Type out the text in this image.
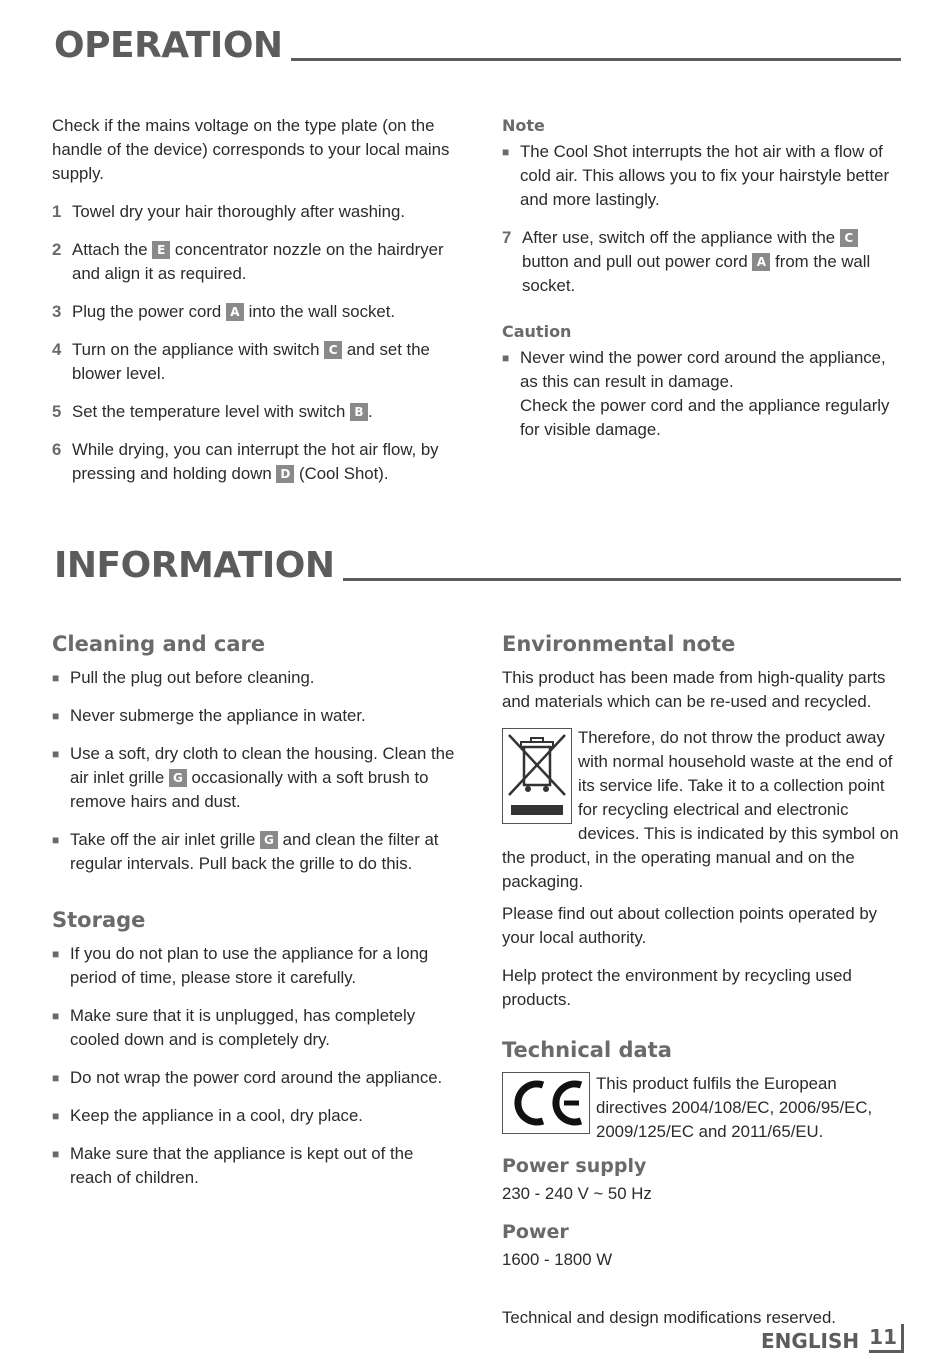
OPERATION

Check if the mains voltage on the type plate (on the handle of the device) corresponds to your local mains supply.

1 Towel dry your hair thoroughly after washing.
2 Attach the E concentrator nozzle on the hairdryer and align it as required.
3 Plug the power cord A into the wall socket.
4 Turn on the appliance with switch C and set the blower level.
5 Set the temperature level with switch B .
6 While drying, you can interrupt the hot air flow, by pressing and holding down D (Cool Shot).
Note
■ The Cool Shot interrupts the hot air with a flow of cold air. This allows you to fix your hairstyle better and more lastingly.
7 After use, switch off the appliance with the C button and pull out power cord A from the wall socket.
Caution
■ Never wind the power cord around the appliance, as this can result in damage.

Check the power cord and the appliance regularly for visible damage.

INFORMATION
Cleaning and care
■ Pull the plug out before cleaning.
■ Never submerge the appliance in water.
■ Use a soft, dry cloth to clean the housing. Clean the air inlet grille G occasionally with a soft brush to remove hairs and dust.
■ Take off the air inlet grille G and clean the filter at regular intervals. Pull back the grille to do this.
Storage
■ If you do not plan to use the appliance for a long period of time, please store it carefully.
■ Make sure that it is unplugged, has completely cooled down and is completely dry.
■ Do not wrap the power cord around the appliance.
■ Keep the appliance in a cool, dry place.
■ Make sure that the appliance is kept out of the reach of children.
Environmental note

This product has been made from high-quality parts and materials which can be re-used and recycled.

Therefore, do not throw the product away with normal household waste at the end of its service life. Take it to a collection point for recycling electrical and electronic devices. This is indicated by this symbol on the product, in the operating manual and on the packaging.

Please find out about collection points operated by your local authority.

Help protect the environment by recycling used products.

Technical data

This product fulfils the European directives 2004/108/EC, 2006/95/EC, 2009/125/EC and 2011/65/EU.

Power supply

230 - 240 V ~ 50 Hz

Power

1600 - 1800 W

Technical and design modifications reserved.

ENGLISH 11
